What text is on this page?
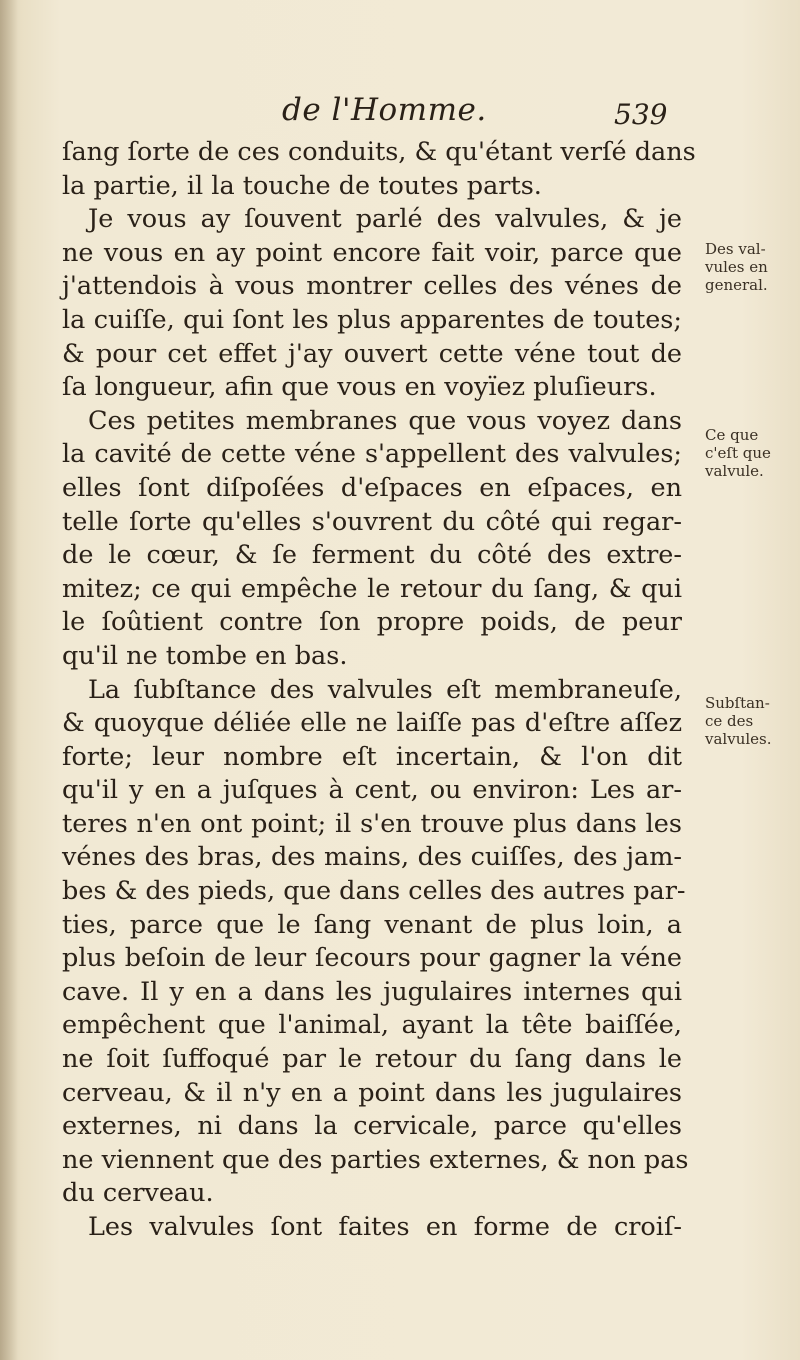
de l'Homme.	539
ſang ſorte de ces conduits, & qu'étant verſé dans
la partie, il la touche de toutes parts.
Je vous ay ſouvent parlé des valvules, & je
ne vous en ay point encore fait voir, parce que
j'attendois à vous montrer celles des vénes de
la cuiſſe, qui ſont les plus apparentes de toutes;
& pour cet effet j'ay ouvert cette véne tout de
ſa longueur, afin que vous en voyïez pluſieurs.
Ces petites membranes que vous voyez dans
la cavité de cette véne s'appellent des valvules;
elles ſont diſpoſées d'eſpaces en eſpaces, en
telle ſorte qu'elles s'ouvrent du côté qui regar-
de le cœur, & ſe ferment du côté des extre-
mitez; ce qui empêche le retour du ſang, & qui
le ſoûtient contre ſon propre poids, de peur
qu'il ne tombe en bas.
La ſubſtance des valvules eſt membraneuſe,
& quoyque déliée elle ne laiſſe pas d'eſtre aſſez
forte; leur nombre eſt incertain, & l'on dit
qu'il y en a juſques à cent, ou environ: Les ar-
teres n'en ont point; il s'en trouve plus dans les
vénes des bras, des mains, des cuiſſes, des jam-
bes & des pieds, que dans celles des autres par-
ties, parce que le ſang venant de plus loin, a
plus beſoin de leur ſecours pour gagner la véne
cave. Il y en a dans les jugulaires internes qui
empêchent que l'animal, ayant la tête baiſſée,
ne ſoit ſuffoqué par le retour du ſang dans le
cerveau, & il n'y en a point dans les jugulaires
externes, ni dans la cervicale, parce qu'elles
ne viennent que des parties externes, & non pas
du cerveau.
Les valvules ſont faites en forme de croiſ-
Des val-
vules en
general.
Ce que
c'eſt que
valvule.
Subſtan-
ce des
valvules.
